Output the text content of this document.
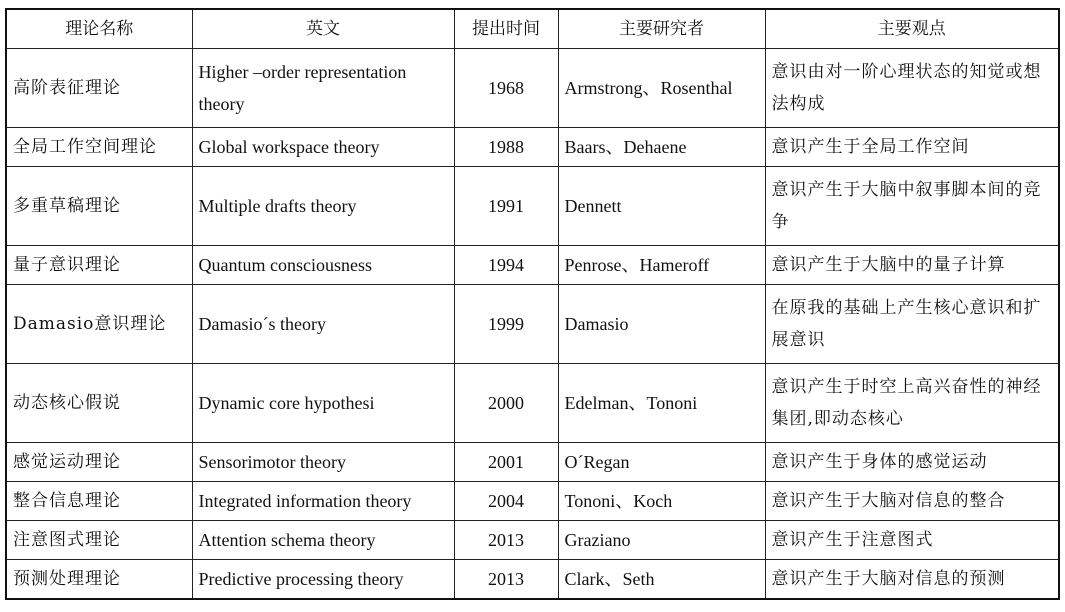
理论名称	英文	提出时间	主要研究者	主要观点
高阶表征理论	Higher –order representation theory	1968	Armstrong、Rosenthal	意识由对一阶心理状态的知觉或想法构成
全局工作空间理论	Global workspace theory	1988	Baars、Dehaene	意识产生于全局工作空间
多重草稿理论	Multiple drafts theory	1991	Dennett	意识产生于大脑中叙事脚本间的竞争
量子意识理论	Quantum consciousness	1994	Penrose、Hameroff	意识产生于大脑中的量子计算
Damasio意识理论	Damasio´s theory	1999	Damasio	在原我的基础上产生核心意识和扩展意识
动态核心假说	Dynamic core hypothesi	2000	Edelman、Tononi	意识产生于时空上高兴奋性的神经集团,即动态核心
感觉运动理论	Sensorimotor theory	2001	O´Regan	意识产生于身体的感觉运动
整合信息理论	Integrated information theory	2004	Tononi、Koch	意识产生于大脑对信息的整合
注意图式理论	Attention schema theory	2013	Graziano	意识产生于注意图式
预测处理理论	Predictive processing theory	2013	Clark、Seth	意识产生于大脑对信息的预测
